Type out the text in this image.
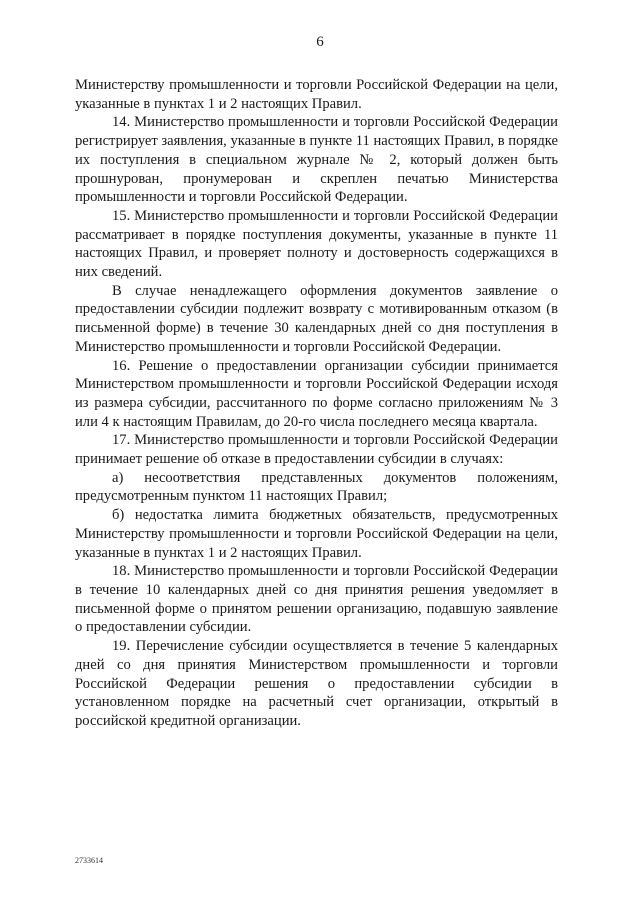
6

Министерству промышленности и торговли Российской Федерации на цели, указанные в пунктах 1 и 2 настоящих Правил.

14. Министерство промышленности и торговли Российской Федерации регистрирует заявления, указанные в пункте 11 настоящих Правил, в порядке их поступления в специальном журнале № 2, который должен быть прошнурован, пронумерован и скреплен печатью Министерства промышленности и торговли Российской Федерации.

15. Министерство промышленности и торговли Российской Федерации рассматривает в порядке поступления документы, указанные в пункте 11 настоящих Правил, и проверяет полноту и достоверность содержащихся в них сведений.

В случае ненадлежащего оформления документов заявление о предоставлении субсидии подлежит возврату с мотивированным отказом (в письменной форме) в течение 30 календарных дней со дня поступления в Министерство промышленности и торговли Российской Федерации.

16. Решение о предоставлении организации субсидии принимается Министерством промышленности и торговли Российской Федерации исходя из размера субсидии, рассчитанного по форме согласно приложениям № 3 или 4 к настоящим Правилам, до 20-го числа последнего месяца квартала.

17. Министерство промышленности и торговли Российской Федерации принимает решение об отказе в предоставлении субсидии в случаях:

а) несоответствия представленных документов положениям, предусмотренным пунктом 11 настоящих Правил;

б) недостатка лимита бюджетных обязательств, предусмотренных Министерству промышленности и торговли Российской Федерации на цели, указанные в пунктах 1 и 2 настоящих Правил.

18. Министерство промышленности и торговли Российской Федерации в течение 10 календарных дней со дня принятия решения уведомляет в письменной форме о принятом решении организацию, подавшую заявление о предоставлении субсидии.

19. Перечисление субсидии осуществляется в течение 5 календарных дней со дня принятия Министерством промышленности и торговли Российской Федерации решения о предоставлении субсидии в установленном порядке на расчетный счет организации, открытый в российской кредитной организации.

2733614
